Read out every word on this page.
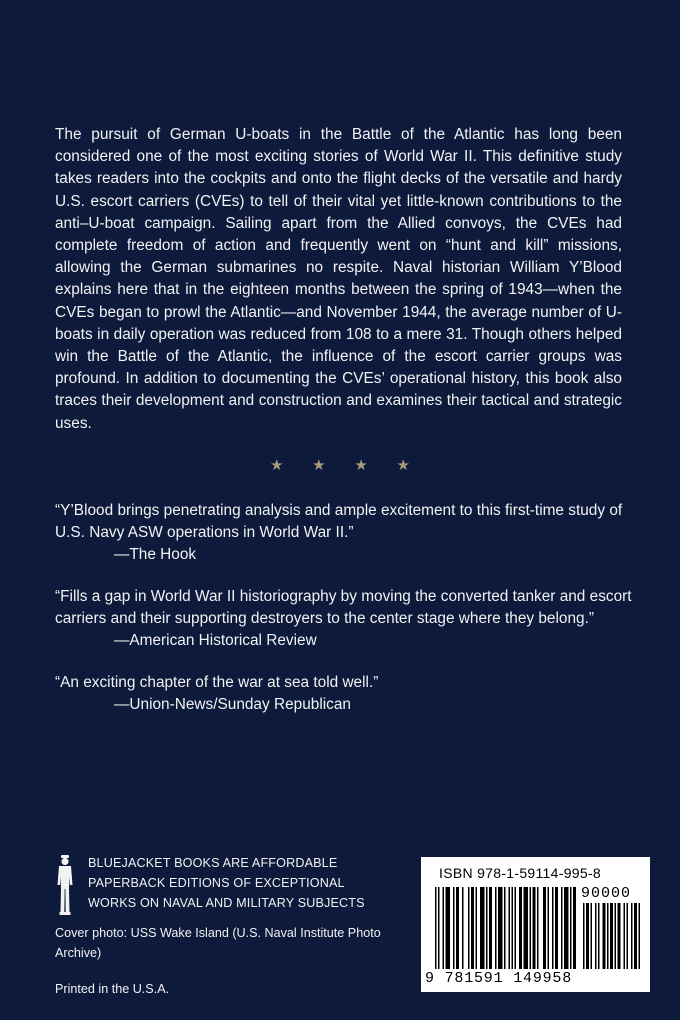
The pursuit of German U-boats in the Battle of the Atlantic has long been considered one of the most exciting stories of World War II. This definitive study takes readers into the cockpits and onto the flight decks of the versatile and hardy U.S. escort carriers (CVEs) to tell of their vital yet little-known contributions to the anti–U-boat campaign. Sailing apart from the Allied convoys, the CVEs had complete freedom of action and frequently went on “hunt and kill” missions, allowing the German submarines no respite. Naval historian William Y’Blood explains here that in the eighteen months between the spring of 1943—when the CVEs began to prowl the Atlantic—and November 1944, the average number of U-boats in daily operation was reduced from 108 to a mere 31. Though others helped win the Battle of the Atlantic, the influence of the escort carrier groups was profound. In addition to documenting the CVEs’ operational history, this book also traces their development and construction and examines their tactical and strategic uses.

★ ★ ★ ★

“Y’Blood brings penetrating analysis and ample excitement to this first-time study of U.S. Navy ASW operations in World War II.”

—The Hook

“Fills a gap in World War II historiography by moving the converted tanker and escort carriers and their supporting destroyers to the center stage where they belong.”

—American Historical Review

“An exciting chapter of the war at sea told well.”

—Union-News/Sunday Republican

BLUEJACKET BOOKS ARE AFFORDABLE
PAPERBACK EDITIONS OF EXCEPTIONAL
WORKS ON NAVAL AND MILITARY SUBJECTS

Cover photo: USS Wake Island (U.S. Naval Institute Photo Archive)

Printed in the U.S.A.

ISBN 978-1-59114-995-8
90000
9 781591 149958
